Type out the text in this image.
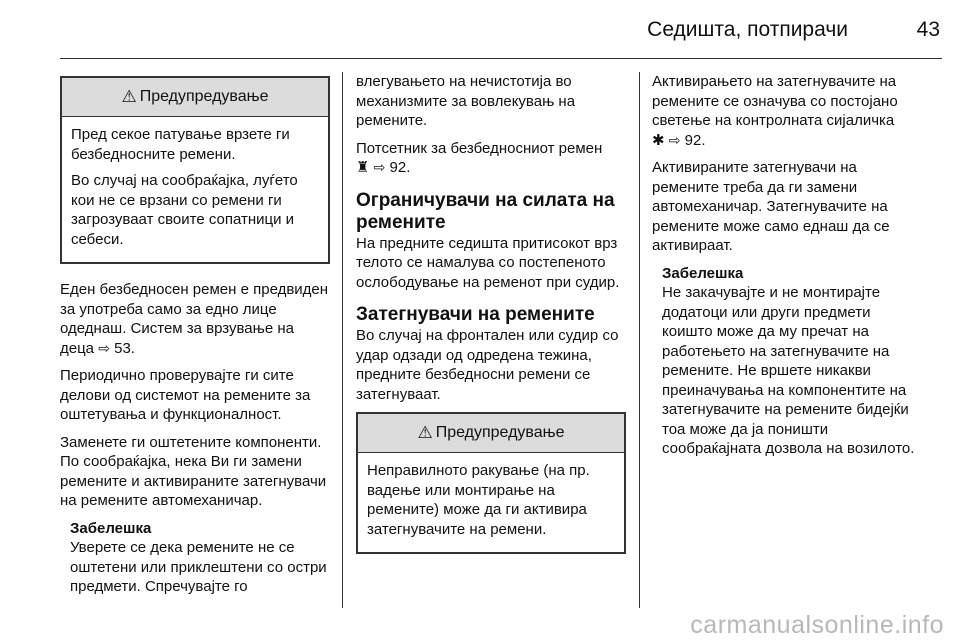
Седишта, потпирачи	43
⚠ Предупредување

Пред секое патување врзете ги безбедносните ремени.

Во случај на сообраќајка, луѓето кои не се врзани со ремени ги загрозуваат своите сопатници и себеси.

Еден безбедносен ремен е предвиден за употреба само за едно лице одеднаш. Систем за врзување на деца ⇨ 53.

Периодично проверувајте ги сите делови од системот на ремените за оштетувања и функционалност.

Заменете ги оштетените компоненти. По сообраќајка, нека Ви ги замени ремените и активираните затегнувачи на ремените автомеханичар.

Забелешка
Уверете се дека ремените не се оштетени или приклештени со остри предмети. Спречувајте го

влегувањето на нечистотија во механизмите за вовлекувањ на ремените.

Потсетник за безбедносниот ремен
♜ ⇨ 92.

Ограничувачи на силата на ремените

На предните седишта притисокот врз телото се намалува со постепеното ослободување на ременот при судир.

Затегнувачи на ремените

Во случај на фронтален или судир со удар одзади од одредена тежина, предните безбедносни ремени се затегнуваат.

⚠ Предупредување

Неправилното ракување (на пр. вадење или монтирање на ремените) може да ги активира затегнувачите на ремени.

Активирањето на затегнувачите на ремените се означува со постојано светење на контролната сијаличка
✱ ⇨ 92.

Активираните затегнувачи на ремените треба да ги замени автомеханичар. Затегнувачите на ремените може само еднаш да се активираат.

Забелешка
Не закачувајте и не монтирајте додатоци или други предмети коишто може да му пречат на работењето на затегнувачите на ремените. Не вршете никакви преиначувања на компонентите на затегнувачите на ремените бидејќи тоа може да ја поништи сообраќајната дозвола на возилото.
carmanualsonline.info
